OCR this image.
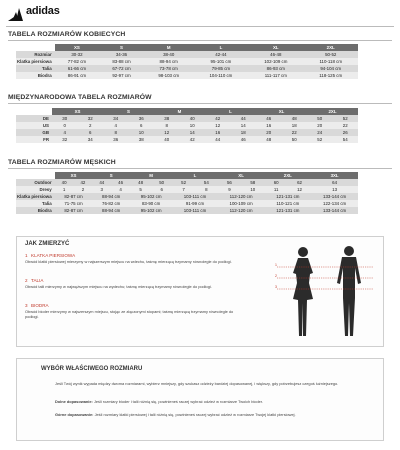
adidas
TABELA ROZMIARÓW KOBIECYCH
	XS	S	M	L	XL	2XL
Rozmiar	30-32	34-36	38-40	42-44	46-48	50-52
Klatka piersiowa	77-82 cm	83-88 cm	88-94 cm	95-101 cm	102-109 cm	110-118 cm
Talia	61-66 cm	67-72 cm	73-78 cm	79-85 cm	86-93 cm	94-104 cm
Biodra	86-91 cm	92-97 cm	98-103 cm	104-110 cm	111-117 cm	118-125 cm
MIĘDZYNARODOWA TABELA ROZMIARÓW
	XS		S		M		L		XL		2XL	
DE	30	32	34	36	38	40	42	44	46	48	50	52
US	0	2	4	6	8	10	12	14	16	18	20	22
GB	4	6	8	10	12	14	16	18	20	22	24	26
FR	32	34	36	38	40	42	44	46	48	50	52	54
TABELA ROZMIARÓW MĘSKICH
	XS		S		M		L		XL		2XL		3XL
Outdoor	40	42	44	46	48	50	52	54	56	58	60	62	64
Dresy	1	2	3	4	5	6	7	8	9	10	11	12	13
Klatka piersiowa	82-87 cm		88-94 cm		95-102 cm		103-111 cm		112-120 cm		121-131 cm		133-144 cm
Talia	71-75 cm		76-82 cm		83-90 cm		91-99 cm		100-109 cm		110-121 cm		122-134 cm
Biodra	82-87 cm		88-94 cm		95-102 cm		103-111 cm		112-120 cm		121-131 cm		133-144 cm
JAK ZMIERZYĆ
1 KLATKA PIERSIOWA
Obwód klatki piersiowej mierzymy w najszerszym miejscu na wdechu, taśmę mierzącą trzymamy równolegle do podłogi.
2 TALIA
Obwód talii mierzymy w najwęższym miejscu na wydechu; taśmę mierzącą trzymamy równolegle do podłogi.
3 BIODRA
Obwód bioder mierzymy w najszerszym miejscu, stojąc ze złączonymi stopami; taśmę mierzącą trzymamy równolegle do podłogi.
1
2
3
WYBÓR WŁAŚCIWEGO ROZMIARU
Jeśli Twój wynik wypada między dwoma rozmiarami, wybierz mniejszy, gdy szukasz odzieży bardziej dopasowanej, i większy, gdy potrzebujesz czegoś luźniejszego.
Dolne dopasowanie: Jeśli rozmiary bioder i talii różnią się, powinieneś raczej wybrać odzież w rozmiarze Twoich bioder.
Górne dopasowanie: Jeśli rozmiary klatki piersiowej i talii różnią się, powinieneś raczej wybrać odzież w rozmiarze Twojej klatki piersiowej.
